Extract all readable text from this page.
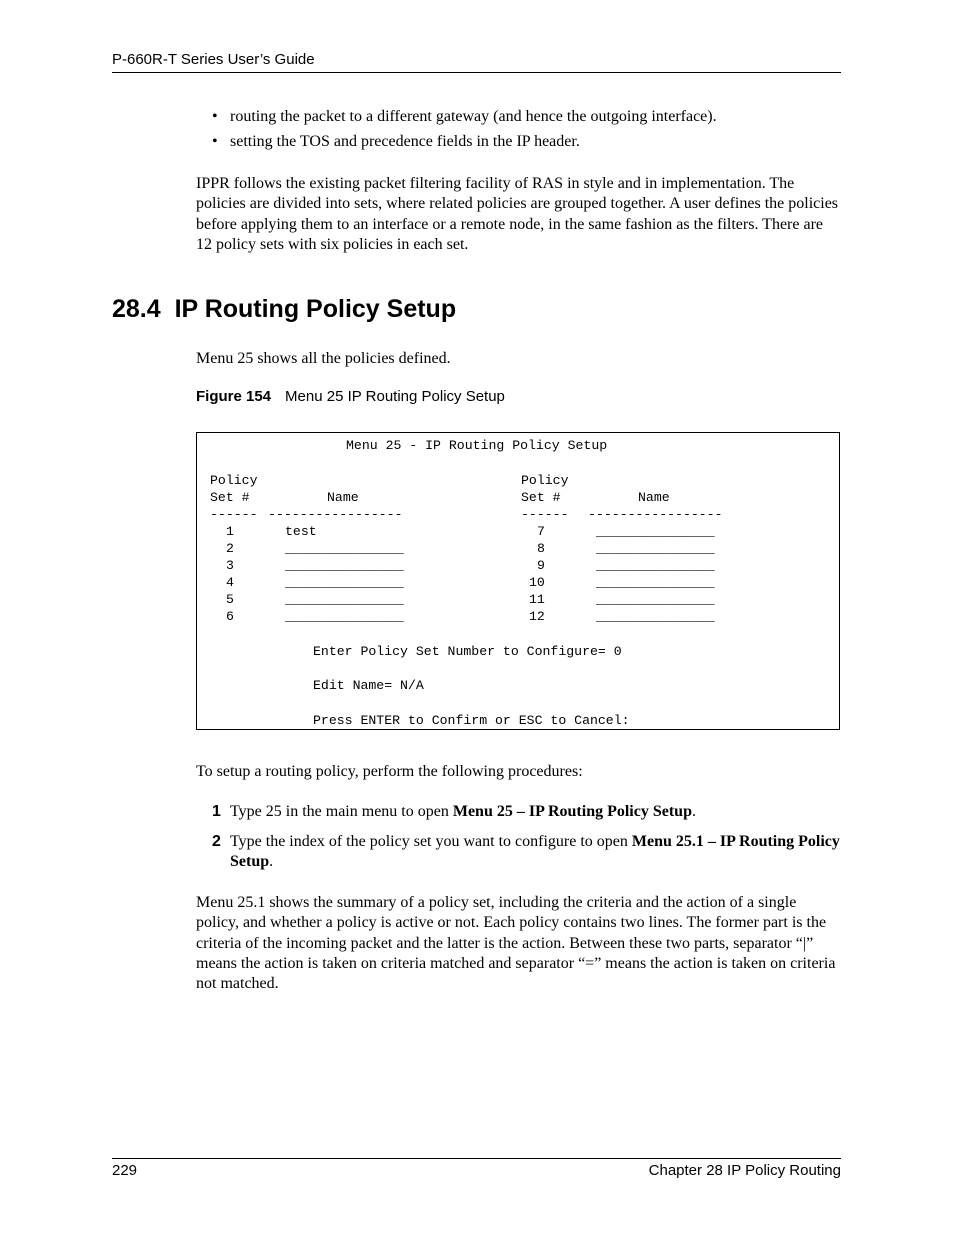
P-660R-T Series User’s Guide
• routing the packet to a different gateway (and hence the outgoing interface).
• setting the TOS and precedence fields in the IP header.

IPPR follows the existing packet filtering facility of RAS in style and in implementation. The policies are divided into sets, where related policies are grouped together. A user defines the policies before applying them to an interface or a remote node, in the same fashion as the filters. There are 12 policy sets with six policies in each set.

28.4 IP Routing Policy Setup

Menu 25 shows all the policies defined.

Figure 154 Menu 25 IP Routing Policy Setup
Menu 25 - IP Routing Policy Setup
Policy
Set #	Name
------ -----------------
Policy
Set #	Name
------ -----------------
1	test
2	_______________
3	_______________
4	_______________
5	_______________
6	_______________
7	_______________
8	_______________
9	_______________
10	_______________
11	_______________
12	_______________
Enter Policy Set Number to Configure= 0
Edit Name= N/A
Press ENTER to Confirm or ESC to Cancel:

To setup a routing policy, perform the following procedures:

1 Type 25 in the main menu to open Menu 25 – IP Routing Policy Setup.
2 Type the index of the policy set you want to configure to open Menu 25.1 – IP Routing Policy Setup.

Menu 25.1 shows the summary of a policy set, including the criteria and the action of a single policy, and whether a policy is active or not. Each policy contains two lines. The former part is the criteria of the incoming packet and the latter is the action. Between these two parts, separator “|” means the action is taken on criteria matched and separator “=” means the action is taken on criteria not matched.

229	Chapter 28 IP Policy Routing
